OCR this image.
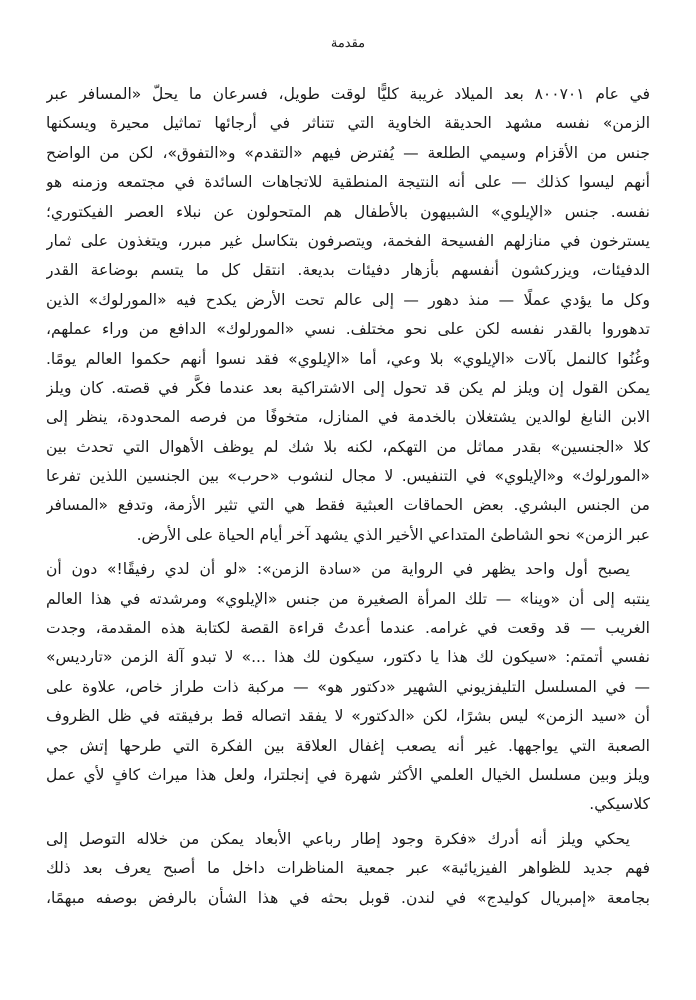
مقدمة
في عام ٨٠٠٧٠١ بعد الميلاد غريبة كليًّا لوقت طويل، فسرعان ما يحلّ «المسافر عبر
الزمن» نفسه مشهد الحديقة الخاوية التي تتناثر في أرجائها تماثيل محيرة ويسكنها
جنس من الأقزام وسيمي الطلعة — يُفترض فيهم «التقدم» و«التفوق»، لكن من الواضح
أنهم ليسوا كذلك — على أنه النتيجة المنطقية للاتجاهات السائدة في مجتمعه وزمنه هو
نفسه. جنس «الإيلوي» الشبيهون بالأطفال هم المتحولون عن نبلاء العصر الفيكتوري؛
يسترخون في منازلهم الفسيحة الفخمة، ويتصرفون بتكاسل غير مبرر، ويتغذون على ثمار
الدفيئات، ويزركشون أنفسهم بأزهار دفيئات بديعة. انتقل كل ما يتسم بوضاعة القدر
وكل ما يؤدي عملًا — منذ دهور — إلى عالم تحت الأرض يكدح فيه «المورلوك» الذين
تدهوروا بالقدر نفسه لكن على نحو مختلف. نسي «المورلوك» الدافع من وراء عملهم،
وغُنُوا كالنمل بآلات «الإيلوي» بلا وعي، أما «الإيلوي» فقد نسوا أنهم حكموا العالم يومًا.
يمكن القول إن ويلز لم يكن قد تحول إلى الاشتراكية بعد عندما فكَّر في قصته. كان ويلز
الابن النابغ لوالدين يشتغلان بالخدمة في المنازل، متخوفًا من فرصه المحدودة، ينظر إلى
كلا «الجنسين» بقدر مماثل من التهكم، لكنه بلا شك لم يوظف الأهوال التي تحدث بين
«المورلوك» و«الإيلوي» في التنفيس. لا مجال لنشوب «حرب» بين الجنسين اللذين تفرعا
من الجنس البشري. بعض الحماقات العبثية فقط هي التي تثير الأزمة، وتدفع «المسافر
عبر الزمن» نحو الشاطئ المتداعي الأخير الذي يشهد آخر أيام الحياة على الأرض.
يصبح أول واحد يظهر في الرواية من «سادة الزمن»: «لو أن لدي رفيقًا!» دون أن
ينتبه إلى أن «وينا» — تلك المرأة الصغيرة من جنس «الإيلوي» ومرشدته في هذا العالم
الغريب — قد وقعت في غرامه. عندما أعدتُ قراءة القصة لكتابة هذه المقدمة، وجدت
نفسي أتمتم: «سيكون لك هذا يا دكتور، سيكون لك هذا ...» لا تبدو آلة الزمن «تارديس»
— في المسلسل التليفزيوني الشهير «دكتور هو» — مركبة ذات طراز خاص، علاوة على
أن «سيد الزمن» ليس بشرًا، لكن «الدكتور» لا يفقد اتصاله قط برفيقته في ظل الظروف
الصعبة التي يواجهها. غير أنه يصعب إغفال العلاقة بين الفكرة التي طرحها إتش جي
ويلز وبين مسلسل الخيال العلمي الأكثر شهرة في إنجلترا، ولعل هذا ميراث كافٍ لأي عمل
كلاسيكي.
يحكي ويلز أنه أدرك «فكرة وجود إطار رباعي الأبعاد يمكن من خلاله التوصل إلى
فهم جديد للظواهر الفيزيائية» عبر جمعية المناظرات داخل ما أصبح يعرف بعد ذلك
بجامعة «إمبريال كوليدج» في لندن. قوبل بحثه في هذا الشأن بالرفض بوصفه مبهمًا،
